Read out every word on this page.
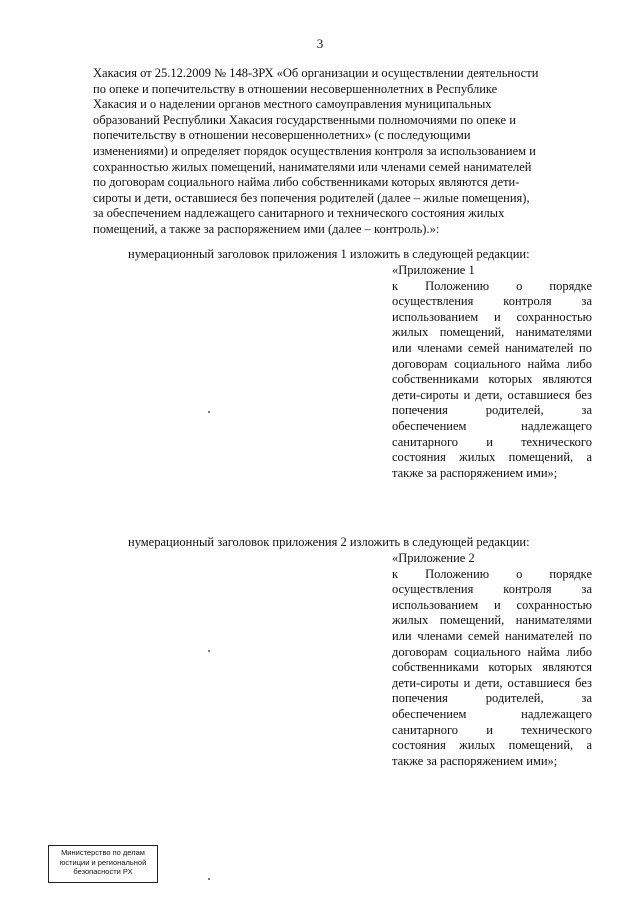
3
Хакасия от 25.12.2009 № 148-ЗРХ «Об организации и осуществлении деятельности
по опеке и попечительству в отношении несовершеннолетних в Республике
Хакасия и о наделении органов местного самоуправления муниципальных
образований Республики Хакасия государственными полномочиями по опеке и
попечительству в отношении несовершеннолетних» (с последующими
изменениями) и определяет порядок осуществления контроля за использованием и
сохранностью жилых помещений, нанимателями или членами семей нанимателей
по договорам социального найма либо собственниками которых являются дети-
сироты и дети, оставшиеся без попечения родителей (далее – жилые помещения),
за обеспечением надлежащего санитарного и технического состояния жилых
помещений, а также за распоряжением ими (далее – контроль).»:
нумерационный заголовок приложения 1 изложить в следующей редакции:
«Приложение 1
к Положению о порядке осуществления контроля за использованием и сохранностью жилых помещений, нанимателями или членами семей нанимателей по договорам социального найма либо собственниками которых являются дети-сироты и дети, оставшиеся без попечения родителей, за обеспечением надлежащего санитарного и технического состояния жилых помещений, а также за распоряжением ими»;
нумерационный заголовок приложения 2 изложить в следующей редакции:
«Приложение 2
к Положению о порядке осуществления контроля за использованием и сохранностью жилых помещений, нанимателями или членами семей нанимателей по договорам социального найма либо собственниками которых являются дети-сироты и дети, оставшиеся без попечения родителей, за обеспечением надлежащего санитарного и технического состояния жилых помещений, а также за распоряжением ими»;
Министерство по делам
юстиции и региональной
безопасности РХ
